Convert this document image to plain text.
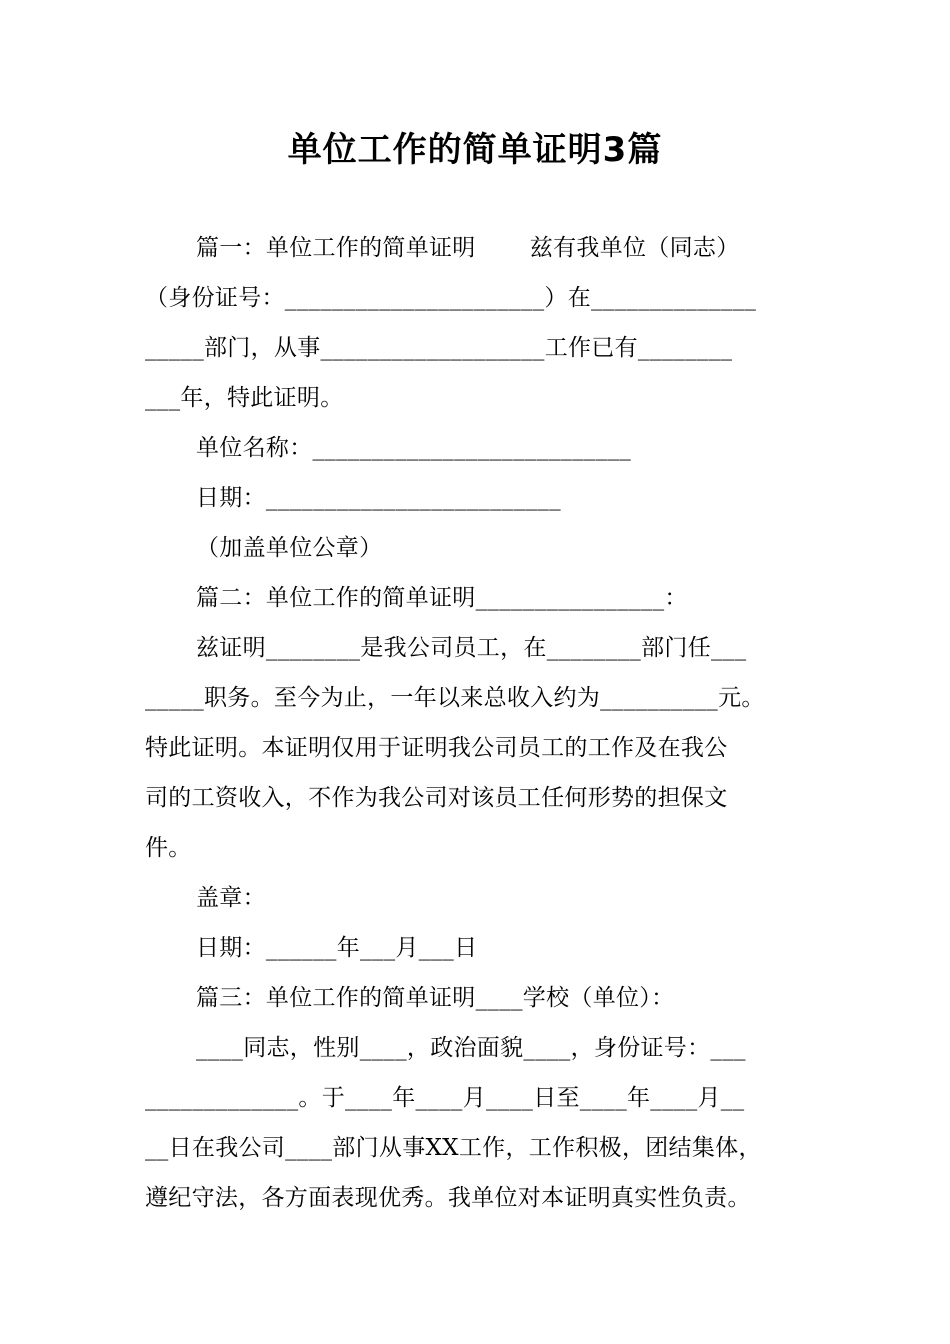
单位工作的简单证明3篇
篇一：单位工作的简单证明　　 兹有我单位（同志）
（身份证号：______________________）在______________
_____部门，从事___________________工作已有________
___年，特此证明。
单位名称：___________________________
日期：_________________________
（加盖单位公章）
篇二：单位工作的简单证明________________：
兹证明________是我公司员工，在________部门任___
_____职务。至今为止，一年以来总收入约为__________元。
特此证明。本证明仅用于证明我公司员工的工作及在我公
司的工资收入，不作为我公司对该员工任何形势的担保文
件。
盖章：
日期：______年___月___日
篇三：单位工作的简单证明____学校（单位）：
____同志，性别____，政治面貌____，身份证号：___
_____________。于____年____月____日至____年____月__
__日在我公司____部门从事XX工作，工作积极，团结集体，
遵纪守法，各方面表现优秀。我单位对本证明真实性负责。
